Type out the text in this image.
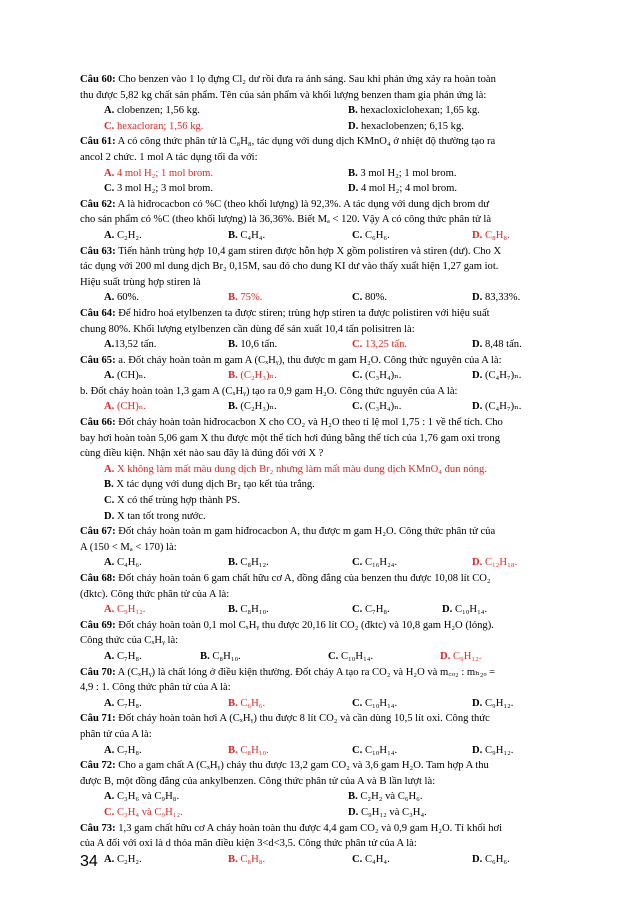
Câu 60: Cho benzen vào 1 lọ đựng Cl₂ dư rồi đưa ra ánh sáng. Sau khi phản ứng xảy ra hoàn toàn
thu được 5,82 kg chất sản phẩm. Tên của sản phẩm và khối lượng benzen tham gia phản ứng là:
A. clobenzen; 1,56 kg.	B. hexacloxiclohexan; 1,65 kg.
C. hexacloran; 1,56 kg.	D. hexaclobenzen; 6,15 kg.
Câu 61: A có công thức phân tử là C₈H₈, tác dụng với dung dịch KMnO₄ ở nhiệt độ thường tạo ra
ancol 2 chức. 1 mol A tác dụng tối đa với:
A. 4 mol H₂; 1 mol brom.	B. 3 mol H₂; 1 mol brom.
C. 3 mol H₂; 3 mol brom.	D. 4 mol H₂; 4 mol brom.
Câu 62: A là hiđrocacbon có %C (theo khối lượng) là 92,3%. A tác dụng với dung dịch brom dư
cho sản phẩm có %C (theo khối lượng) là 36,36%. Biết Mₐ < 120. Vậy A có công thức phân tử là
A. C₂H₂.	B. C₄H₄.	C. C₆H₆.	D. C₈H₈.
Câu 63: Tiến hành trùng hợp 10,4 gam stiren được hỗn hợp X gồm polistiren và stiren (dư). Cho X
tác dụng với 200 ml dung dịch Br₂ 0,15M, sau đó cho dung KI dư vào thấy xuất hiện 1,27 gam iot.
Hiệu suất trùng hợp stiren là
A. 60%.	B. 75%.	C. 80%.	D. 83,33%.
Câu 64: Để hiđro hoá etylbenzen ta được stiren; trùng hợp stiren ta được polistiren với hiệu suất
chung 80%. Khối lượng etylbenzen cần dùng để sản xuất 10,4 tấn polisitren là:
A.13,52 tấn.	B. 10,6 tấn.	C. 13,25 tấn.	D. 8,48 tấn.
Câu 65: a. Đốt cháy hoàn toàn m gam A (CₓHᵧ), thu được m gam H₂O. Công thức nguyên của A là:
A. (CH)ₙ.	B. (C₂H₃)ₙ.	C. (C₃H₄)ₙ.	D. (C₄H₇)ₙ.
b. Đốt cháy hoàn toàn 1,3 gam A (CₓHᵧ) tạo ra 0,9 gam H₂O. Công thức nguyên của A là:
A. (CH)ₙ.	B. (C₂H₃)ₙ.	C. (C₃H₄)ₙ.	D. (C₄H₇)ₙ.
Câu 66: Đốt cháy hoàn toàn hiđrocacbon X cho CO₂ và H₂O theo tỉ lệ mol 1,75 : 1 về thể tích. Cho
bay hơi hoàn toàn 5,06 gam X thu được một thể tích hơi đúng bằng thể tích của 1,76 gam oxi trong
cùng điều kiện. Nhận xét nào sau đây là đúng đối với X ?
A. X không làm mất màu dung dịch Br₂ nhưng làm mất màu dung dịch KMnO₄ đun nóng.
B. X tác dụng với dung dịch Br₂ tạo kết tủa trắng.
C. X có thể trùng hợp thành PS.
D. X tan tốt trong nước.
Câu 67: Đốt cháy hoàn toàn m gam hiđrocacbon A, thu được m gam H₂O. Công thức phân tử của
A (150 < Mₐ < 170) là:
A. C₄H₆.	B. C₈H₁₂.	C. C₁₆H₂₄.	D. C₁₂H₁₈.
Câu 68: Đốt cháy hoàn toàn 6 gam chất hữu cơ A, đồng đẳng của benzen thu được 10,08 lít CO₂
(đktc). Công thức phân tử của A là:
A. C₉H₁₂.	B. C₈H₁₀.	C. C₇H₈.	D. C₁₀H₁₄.
Câu 69: Đốt cháy hoàn toàn 0,1 mol CₓHᵧ thu được 20,16 lít CO₂ (đktc) và 10,8 gam H₂O (lỏng).
Công thức của CₓHᵧ là:
A. C₇H₈.	B. C₈H₁₀.	C. C₁₀H₁₄.	D. C₉H₁₂.
Câu 70: A (CₓHᵧ) là chất lỏng ở điều kiện thường. Đốt cháy A tạo ra CO₂ và H₂O và m꜀ₒ₂ : mₕ₂ₒ =
4,9 : 1. Công thức phân tử của A là:
A. C₇H₈.	B. C₆H₆.	C. C₁₀H₁₄.	D. C₉H₁₂.
Câu 71: Đốt cháy hoàn toàn hơi A (CₓHᵧ) thu được 8 lít CO₂ và cần dùng 10,5 lít oxi. Công thức
phân tử của A là:
A. C₇H₈.	B. C₈H₁₀.	C. C₁₀H₁₄.	D. C₉H₁₂.
Câu 72: Cho a gam chất A (CₓHᵧ) cháy thu được 13,2 gam CO₂ và 3,6 gam H₂O. Tam hợp A thu
được B, một đồng đẳng của ankylbenzen. Công thức phân tử của A và B lần lượt là:
A. C₃H₆ và C₉H₈.	B. C₂H₂ và C₆H₆.
C. C₃H₄ và C₉H₁₂.	D. C₉H₁₂ và C₃H₄.
Câu 73: 1,3 gam chất hữu cơ A cháy hoàn toàn thu được 4,4 gam CO₂ và 0,9 gam H₂O. Tỉ khối hơi
của A đối với oxi là d thỏa mãn điều kiện 3<d<3,5. Công thức phân tử của A là:
A. C₂H₂.	B. C₈H₈.	C. C₄H₄.	D. C₆H₆.
34
